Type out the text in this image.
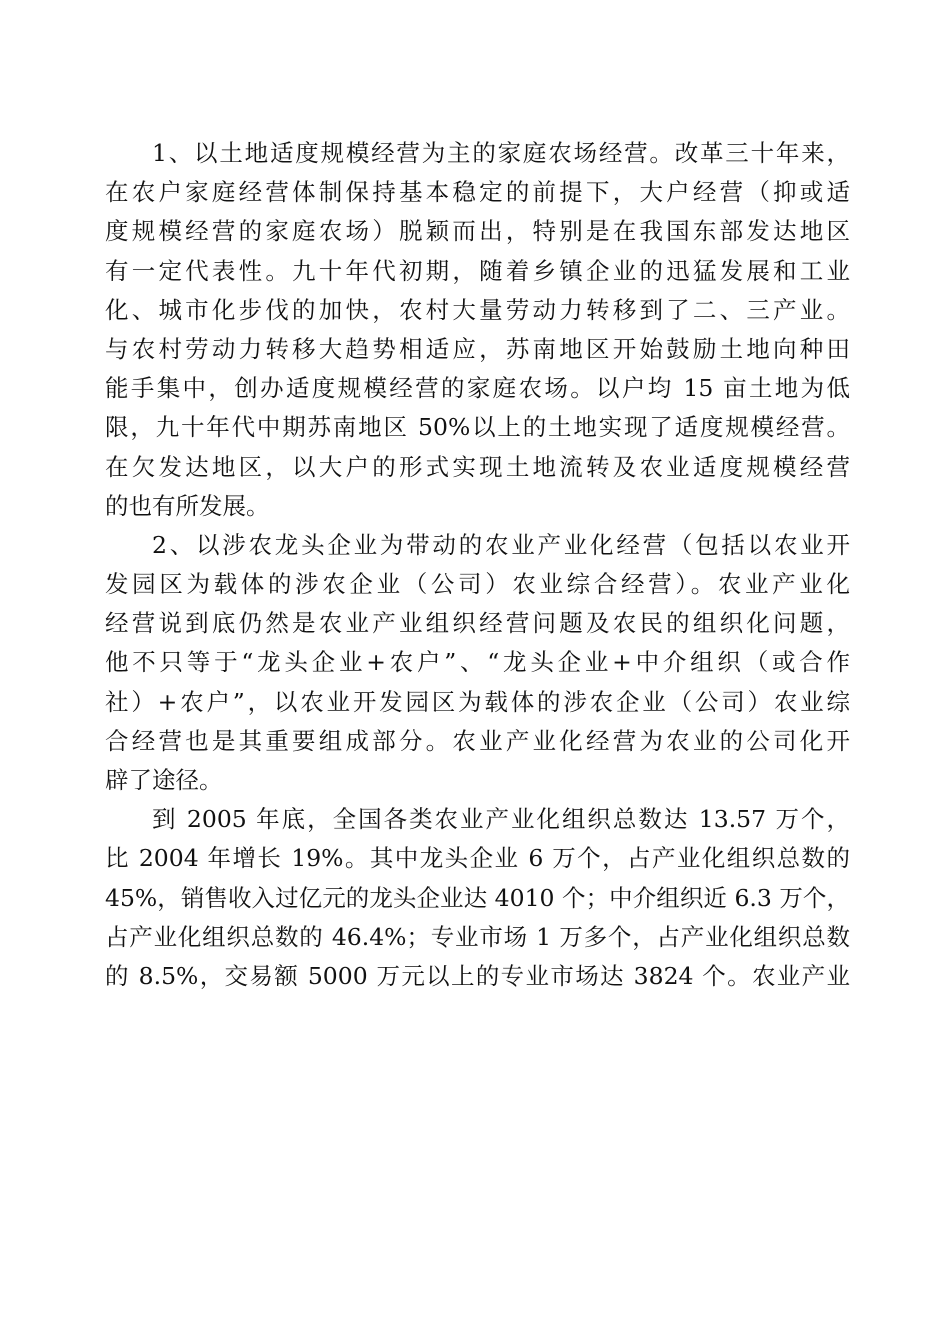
1、以土地适度规模经营为主的家庭农场经营。改革三十年来，
在农户家庭经营体制保持基本稳定的前提下，大户经营（抑或适
度规模经营的家庭农场）脱颖而出，特别是在我国东部发达地区
有一定代表性。九十年代初期，随着乡镇企业的迅猛发展和工业
化、城市化步伐的加快，农村大量劳动力转移到了二、三产业。
与农村劳动力转移大趋势相适应，苏南地区开始鼓励土地向种田
能手集中，创办适度规模经营的家庭农场。以户均 15 亩土地为低
限，九十年代中期苏南地区 50%以上的土地实现了适度规模经营。
在欠发达地区，以大户的形式实现土地流转及农业适度规模经营
的也有所发展。
2、以涉农龙头企业为带动的农业产业化经营（包括以农业开
发园区为载体的涉农企业（公司）农业综合经营）。农业产业化
经营说到底仍然是农业产业组织经营问题及农民的组织化问题，
他不只等于“龙头企业+农户”、“龙头企业+中介组织（或合作
社）+农户”，以农业开发园区为载体的涉农企业（公司）农业综
合经营也是其重要组成部分。农业产业化经营为农业的公司化开
辟了途径。
到 2005 年底，全国各类农业产业化组织总数达 13.57 万个，
比 2004 年增长 19%。其中龙头企业 6 万个，占产业化组织总数的
45%，销售收入过亿元的龙头企业达 4010 个；中介组织近 6.3 万个，
占产业化组织总数的 46.4%；专业市场 1 万多个，占产业化组织总数
的 8.5%，交易额 5000 万元以上的专业市场达 3824 个。农业产业
